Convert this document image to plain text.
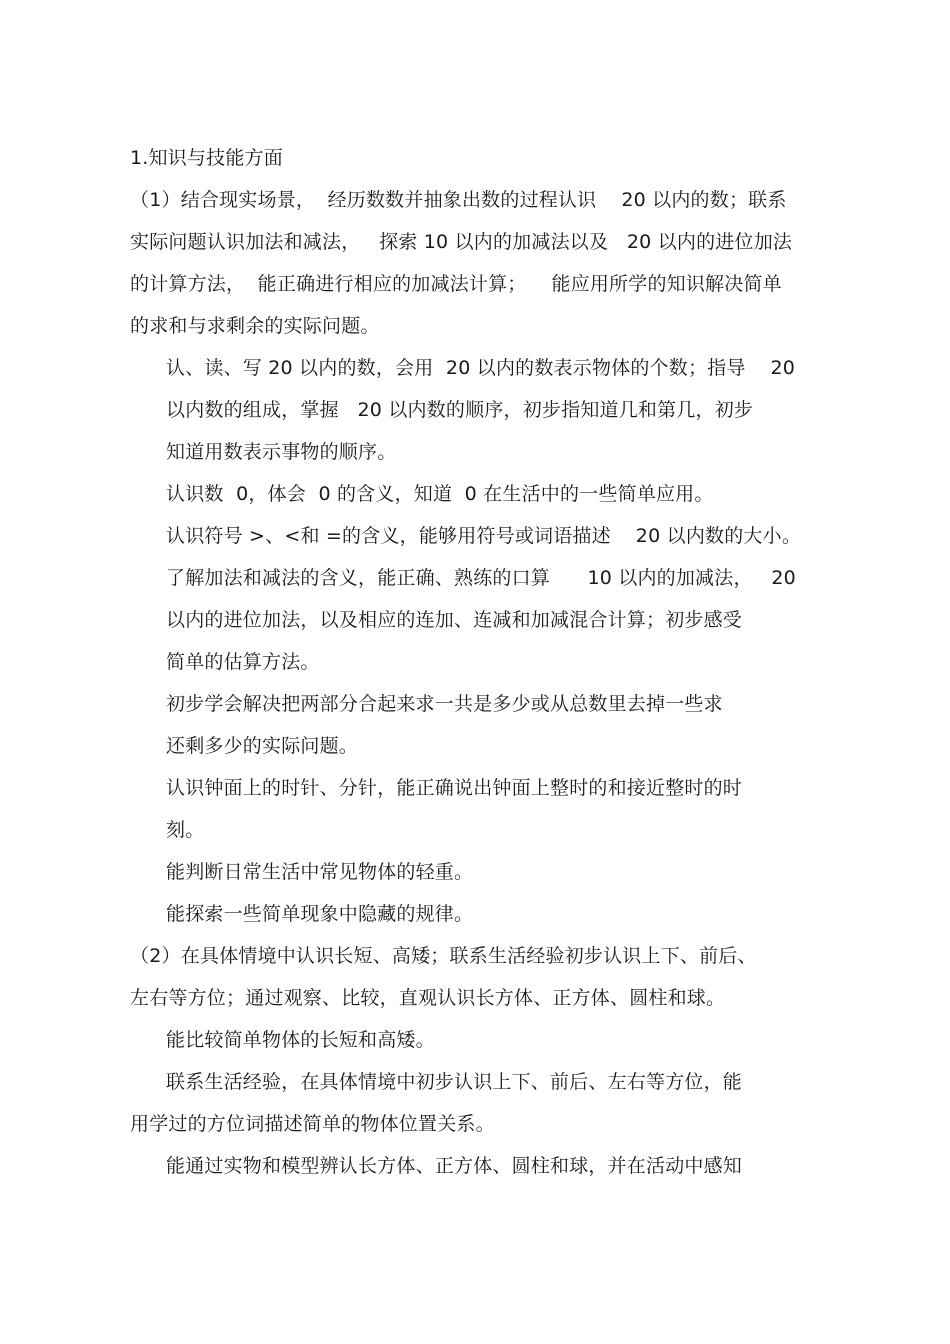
1.知识与技能方面
（1）结合现实场景，  经历数数并抽象出数的过程认识    20 以内的数；联系
实际问题认识加法和减法，   探索 10 以内的加减法以及   20 以内的进位加法
的计算方法，  能正确进行相应的加减法计算；    能应用所学的知识解决简单
的求和与求剩余的实际问题。
认、读、写 20 以内的数，会用  20 以内的数表示物体的个数；指导    20
以内数的组成，掌握   20 以内数的顺序，初步指知道几和第几，初步
知道用数表示事物的顺序。
认识数  0，体会  0 的含义，知道  0 在生活中的一些简单应用。
认识符号 >、<和 =的含义，能够用符号或词语描述    20 以内数的大小。
了解加法和减法的含义，能正确、熟练的口算      10 以内的加减法，   20
以内的进位加法，以及相应的连加、连减和加减混合计算；初步感受
简单的估算方法。
初步学会解决把两部分合起来求一共是多少或从总数里去掉一些求
还剩多少的实际问题。
认识钟面上的时针、分针，能正确说出钟面上整时的和接近整时的时
刻。
能判断日常生活中常见物体的轻重。
能探索一些简单现象中隐藏的规律。
（2）在具体情境中认识长短、高矮；联系生活经验初步认识上下、前后、
左右等方位；通过观察、比较，直观认识长方体、正方体、圆柱和球。
能比较简单物体的长短和高矮。
联系生活经验，在具体情境中初步认识上下、前后、左右等方位，能
用学过的方位词描述简单的物体位置关系。
能通过实物和模型辨认长方体、正方体、圆柱和球，并在活动中感知
